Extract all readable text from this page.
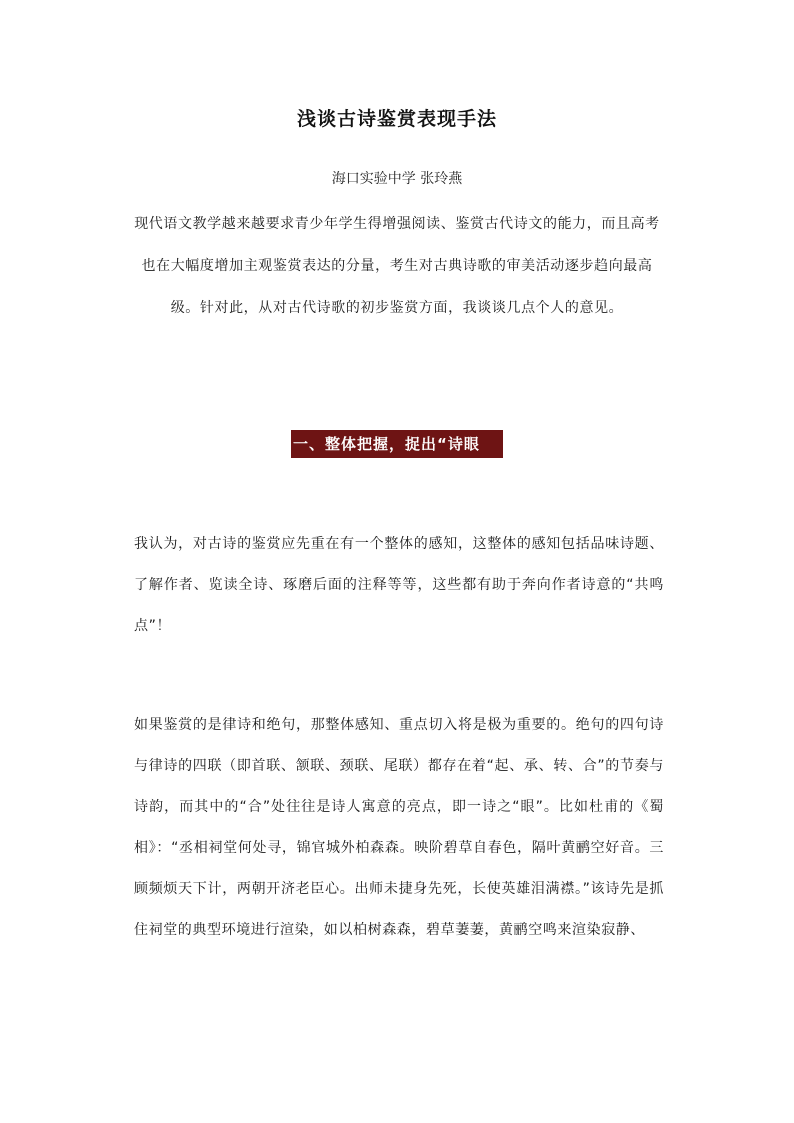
浅谈古诗鉴赏表现手法
海口实验中学 张玲燕

现代语文教学越来越要求青少年学生得增强阅读、鉴赏古代诗文的能力，而且高考也在大幅度增加主观鉴赏表达的分量，考生对古典诗歌的审美活动逐步趋向最高级。针对此，从对古代诗歌的初步鉴赏方面，我谈谈几点个人的意见。

一、整体把握，捉出“诗眼

我认为，对古诗的鉴赏应先重在有一个整体的感知，这整体的感知包括品味诗题、了解作者、览读全诗、琢磨后面的注释等等，这些都有助于奔向作者诗意的“共鸣点”！

如果鉴赏的是律诗和绝句，那整体感知、重点切入将是极为重要的。绝句的四句诗与律诗的四联（即首联、颔联、颈联、尾联）都存在着“起、承、转、合”的节奏与诗韵，而其中的“合”处往往是诗人寓意的亮点，即一诗之“眼”。比如杜甫的《蜀相》：“丞相祠堂何处寻，锦官城外柏森森。映阶碧草自春色，隔叶黄鹂空好音。三顾频烦天下计，两朝开济老臣心。出师未捷身先死，长使英雄泪满襟。”该诗先是抓住祠堂的典型环境进行渲染，如以柏树森森，碧草萋萋，黄鹂空鸣来渲染寂静、
